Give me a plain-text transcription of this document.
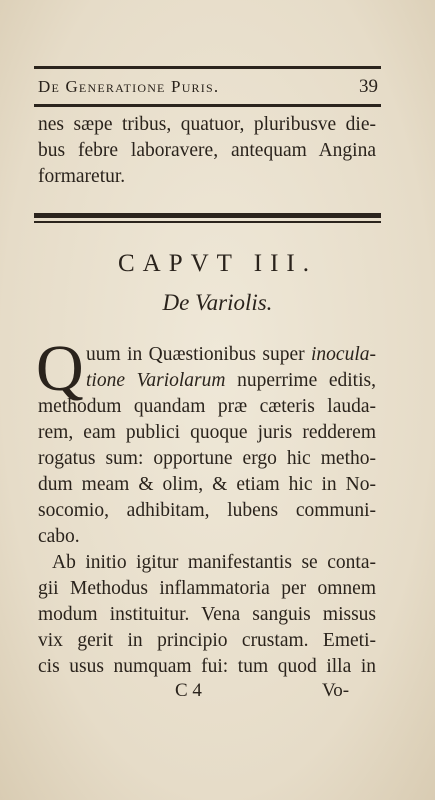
De Generatione Puris.	39
nes sæpe tribus, quatuor, pluribusve die-
bus febre laboravere, antequam Angina
formaretur.
CAPVT III.
De Variolis.
Q uum in Quæstionibus super inocula-
tione Variolarum nuperrime editis,
methodum quandam præ cæteris lauda-
rem, eam publici quoque juris redderem
rogatus sum: opportune ergo hic metho-
dum meam & olim, & etiam hic in No-
socomio, adhibitam, lubens communi-
cabo.
Ab initio igitur manifestantis se conta-
gii Methodus inflammatoria per omnem
modum instituitur. Vena sanguis missus
vix gerit in principio crustam. Emeti-
cis usus numquam fui: tum quod illa in
C 4	Vo-
